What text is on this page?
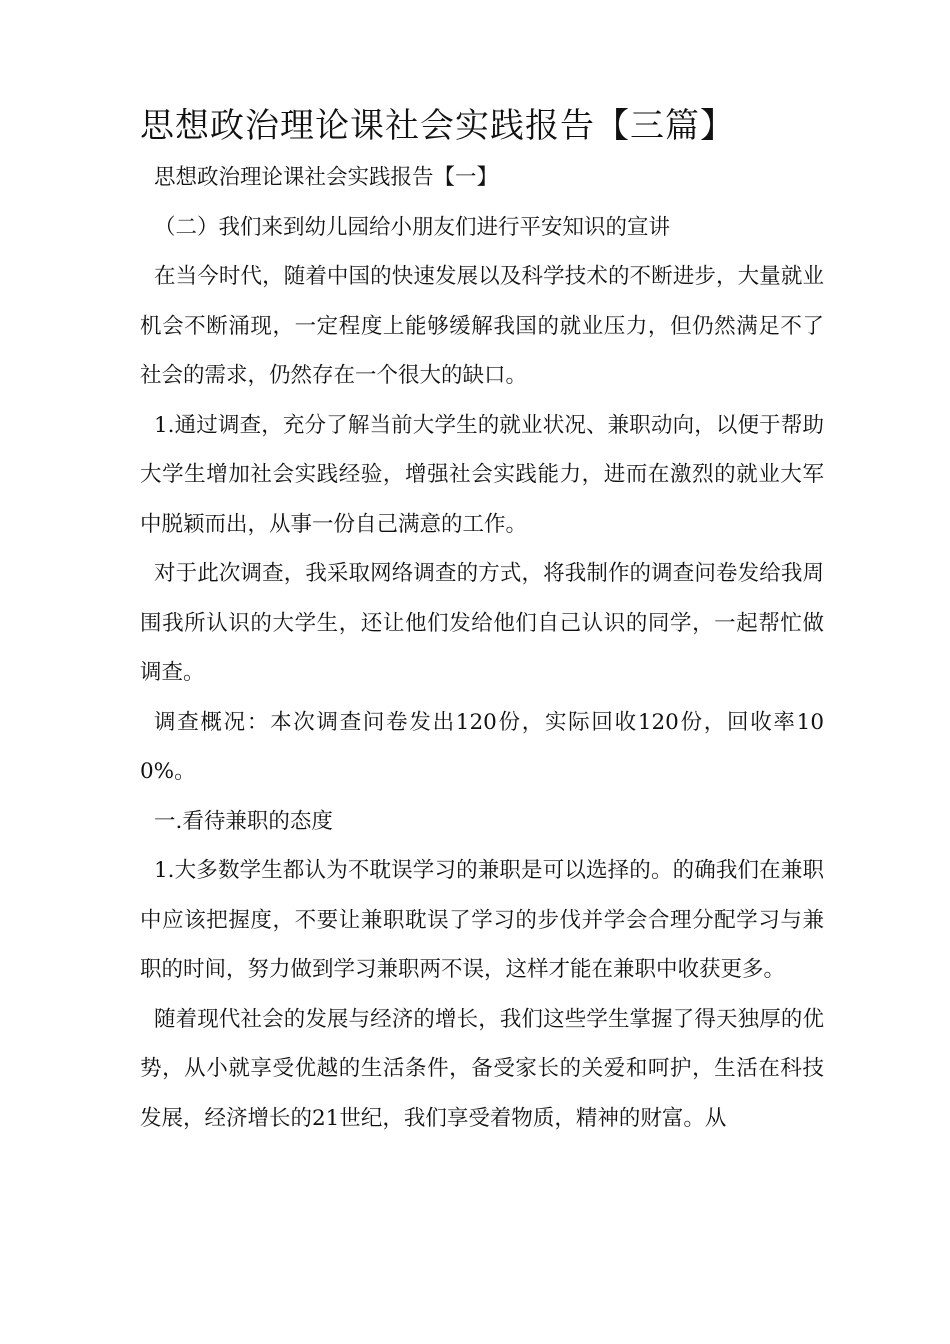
思想政治理论课社会实践报告【三篇】

思想政治理论课社会实践报告【一】

（二）我们来到幼儿园给小朋友们进行平安知识的宣讲

在当今时代，随着中国的快速发展以及科学技术的不断进步，大量就业机会不断涌现，一定程度上能够缓解我国的就业压力，但仍然满足不了社会的需求，仍然存在一个很大的缺口。

1.通过调查，充分了解当前大学生的就业状况、兼职动向，以便于帮助大学生增加社会实践经验，增强社会实践能力，进而在激烈的就业大军中脱颖而出，从事一份自己满意的工作。

对于此次调查，我采取网络调查的方式，将我制作的调查问卷发给我周围我所认识的大学生，还让他们发给他们自己认识的同学，一起帮忙做调查。

调查概况：本次调查问卷发出120份，实际回收120份，回收率100%。

一.看待兼职的态度

1.大多数学生都认为不耽误学习的兼职是可以选择的。的确我们在兼职中应该把握度，不要让兼职耽误了学习的步伐并学会合理分配学习与兼职的时间，努力做到学习兼职两不误，这样才能在兼职中收获更多。

随着现代社会的发展与经济的增长，我们这些学生掌握了得天独厚的优势，从小就享受优越的生活条件，备受家长的关爱和呵护，生活在科技发展，经济增长的21世纪，我们享受着物质，精神的财富。从
